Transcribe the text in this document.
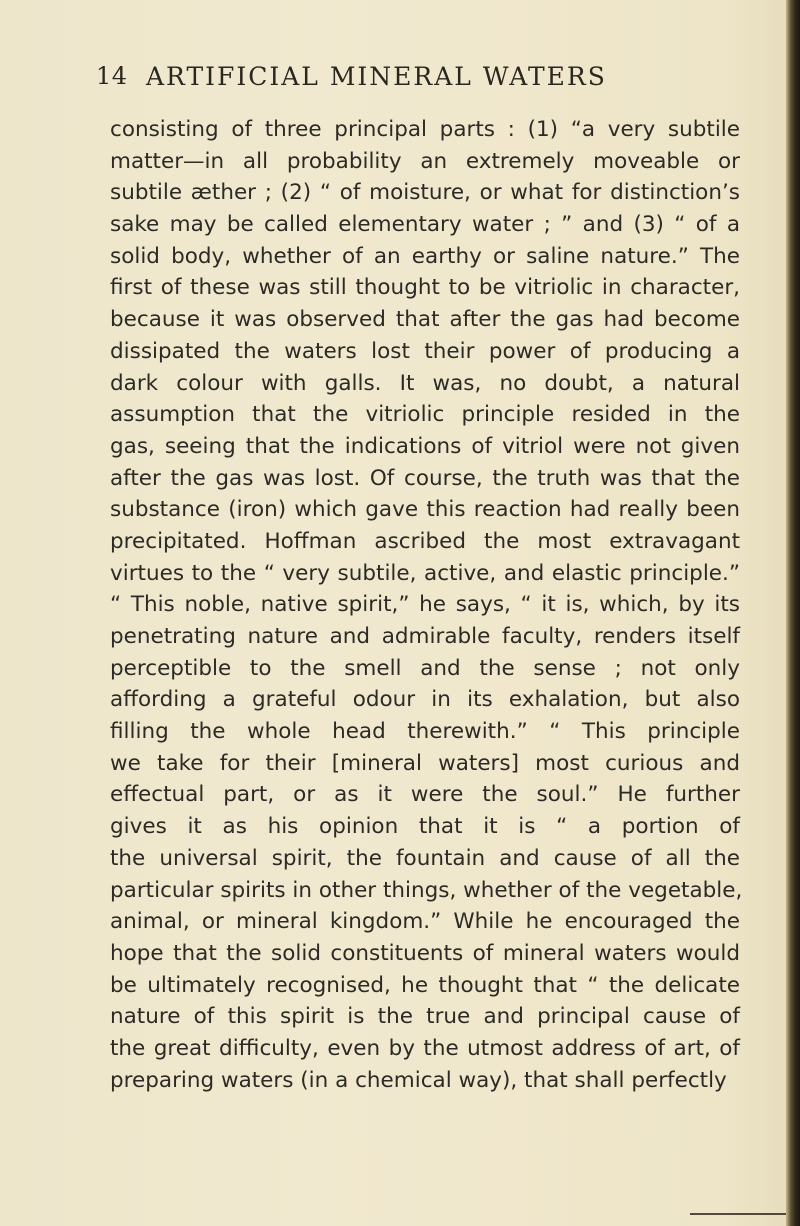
14 ARTIFICIAL MINERAL WATERS
consisting of three principal parts : (1) “a very subtile
matter—in all probability an extremely moveable or
subtile æther ; (2) “ of moisture, or what for distinction’s
sake may be called elementary water ; ” and (3) “ of a
solid body, whether of an earthy or saline nature.” The
first of these was still thought to be vitriolic in character,
because it was observed that after the gas had become
dissipated the waters lost their power of producing a
dark colour with galls. It was, no doubt, a natural
assumption that the vitriolic principle resided in the
gas, seeing that the indications of vitriol were not given
after the gas was lost. Of course, the truth was that the
substance (iron) which gave this reaction had really been
precipitated. Hoffman ascribed the most extravagant
virtues to the “ very subtile, active, and elastic principle.”
“ This noble, native spirit,” he says, “ it is, which, by its
penetrating nature and admirable faculty, renders itself
perceptible to the smell and the sense ; not only
affording a grateful odour in its exhalation, but also
filling the whole head therewith.” “ This principle
we take for their [mineral waters] most curious and
effectual part, or as it were the soul.” He further
gives it as his opinion that it is “ a portion of
the universal spirit, the fountain and cause of all the
particular spirits in other things, whether of the vegetable,
animal, or mineral kingdom.” While he encouraged the
hope that the solid constituents of mineral waters would
be ultimately recognised, he thought that “ the delicate
nature of this spirit is the true and principal cause of
the great difficulty, even by the utmost address of art, of
preparing waters (in a chemical way), that shall perfectly
